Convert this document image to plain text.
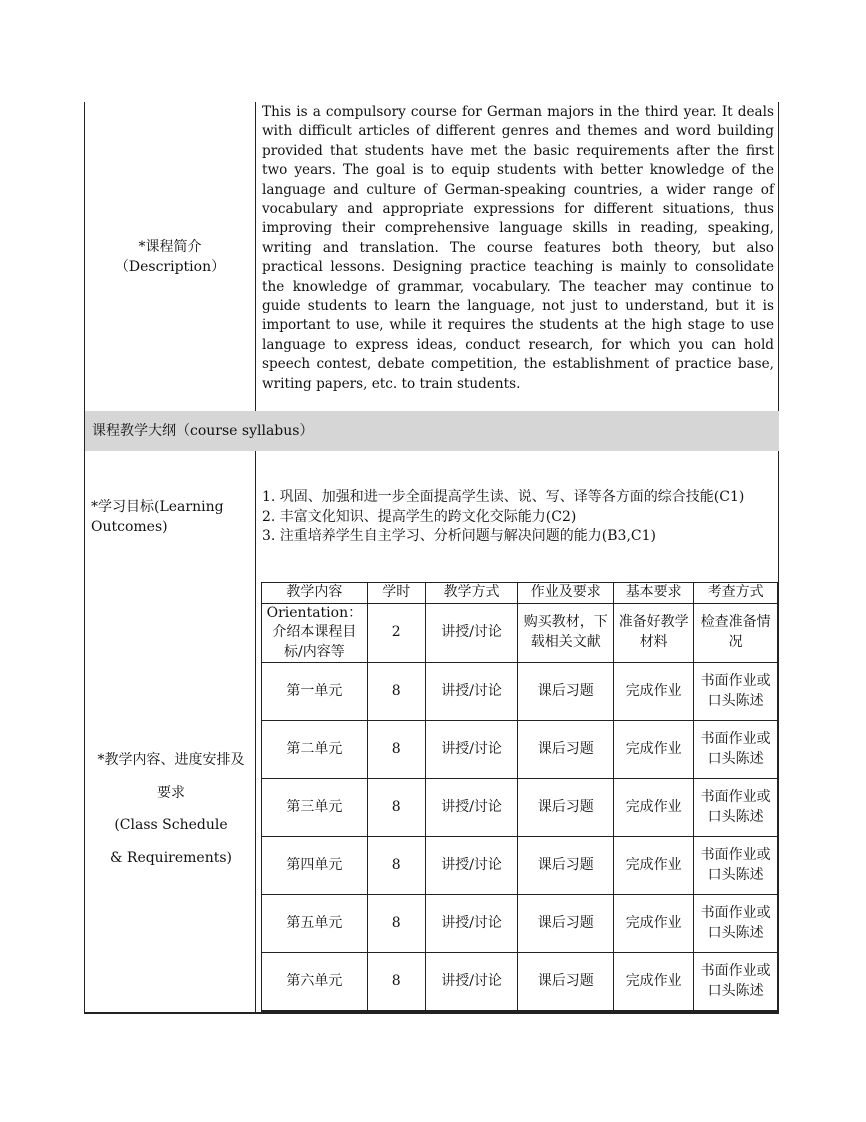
*课程简介
（Description）
This is a compulsory course for German majors in the third year. It deals with difficult articles of different genres and themes and word building provided that students have met the basic requirements after the first two years. The goal is to equip students with better knowledge of the language and culture of German-speaking countries, a wider range of vocabulary and appropriate expressions for different situations, thus improving their comprehensive language skills in reading, speaking, writing and translation. The course features both theory, but also practical lessons. Designing practice teaching is mainly to consolidate the knowledge of grammar, vocabulary. The teacher may continue to guide students to learn the language, not just to understand, but it is important to use, while it requires the students at the high stage to use language to express ideas, conduct research, for which you can hold speech contest, debate competition, the establishment of practice base, writing papers, etc. to train students.
课程教学大纲（course syllabus）
*学习目标(Learning
Outcomes)
1. 巩固、加强和进一步全面提高学生读、说、写、译等各方面的综合技能(C1)
2. 丰富文化知识、提高学生的跨文化交际能力(C2)
3. 注重培养学生自主学习、分析问题与解决问题的能力(B3,C1)
*教学内容、进度安排及
要求
(Class Schedule
& Requirements)
教学内容	学时	教学方式	作业及要求	基本要求	考查方式
Orientation：介绍本课程目标/内容等	2	讲授/讨论	购买教材，下载相关文献	准备好教学材料	检查准备情况
第一单元	8	讲授/讨论	课后习题	完成作业	书面作业或口头陈述
第二单元	8	讲授/讨论	课后习题	完成作业	书面作业或口头陈述
第三单元	8	讲授/讨论	课后习题	完成作业	书面作业或口头陈述
第四单元	8	讲授/讨论	课后习题	完成作业	书面作业或口头陈述
第五单元	8	讲授/讨论	课后习题	完成作业	书面作业或口头陈述
第六单元	8	讲授/讨论	课后习题	完成作业	书面作业或口头陈述
